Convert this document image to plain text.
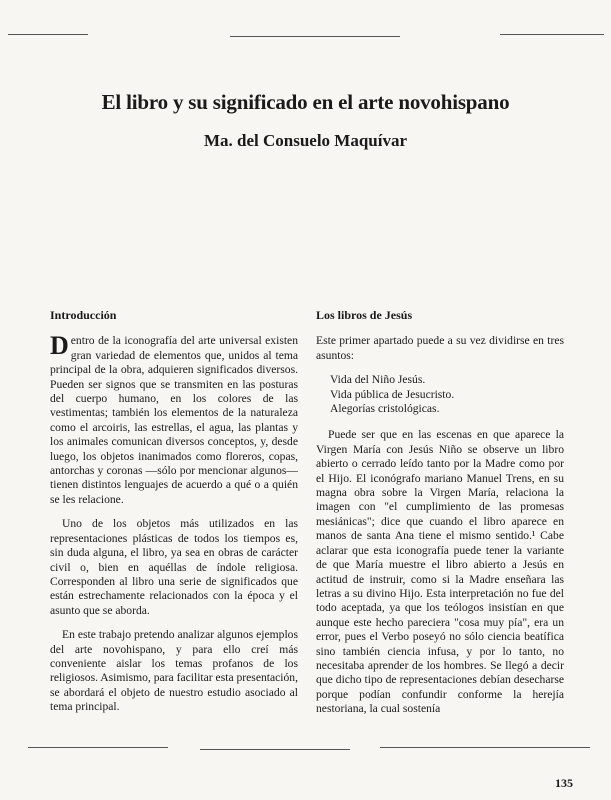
El libro y su significado en el arte novohispano
Ma. del Consuelo Maquívar
Introducción

Dentro de la iconografía del arte universal existen gran variedad de elementos que, unidos al tema principal de la obra, adquieren significados diversos. Pueden ser signos que se transmiten en las posturas del cuerpo humano, en los colores de las vestimentas; también los elementos de la naturaleza como el arcoiris, las estrellas, el agua, las plantas y los animales comunican diversos conceptos, y, desde luego, los objetos inanimados como floreros, copas, antorchas y coronas —sólo por mencionar algunos— tienen distintos lenguajes de acuerdo a qué o a quién se les relacione.

Uno de los objetos más utilizados en las representaciones plásticas de todos los tiempos es, sin duda alguna, el libro, ya sea en obras de carácter civil o, bien en aquéllas de índole religiosa. Corresponden al libro una serie de significados que están estrechamente relacionados con la época y el asunto que se aborda.

En este trabajo pretendo analizar algunos ejemplos del arte novohispano, y para ello creí más conveniente aislar los temas profanos de los religiosos. Asimismo, para facilitar esta presentación, se abordará el objeto de nuestro estudio asociado al tema principal.

Los libros de Jesús

Este primer apartado puede a su vez dividirse en tres asuntos:

Vida del Niño Jesús.
Vida pública de Jesucristo.
Alegorías cristológicas.

Puede ser que en las escenas en que aparece la Virgen María con Jesús Niño se observe un libro abierto o cerrado leído tanto por la Madre como por el Hijo. El iconógrafo mariano Manuel Trens, en su magna obra sobre la Virgen María, relaciona la imagen con "el cumplimiento de las promesas mesiánicas"; dice que cuando el libro aparece en manos de santa Ana tiene el mismo sentido.¹ Cabe aclarar que esta iconografía puede tener la variante de que María muestre el libro abierto a Jesús en actitud de instruir, como si la Madre enseñara las letras a su divino Hijo. Esta interpretación no fue del todo aceptada, ya que los teólogos insistían en que aunque este hecho pareciera "cosa muy pía", era un error, pues el Verbo poseyó no sólo ciencia beatífica sino también ciencia infusa, y por lo tanto, no necesitaba aprender de los hombres. Se llegó a decir que dicho tipo de representaciones debían desecharse porque podían confundir conforme la herejía nestoriana, la cual sostenía

135
